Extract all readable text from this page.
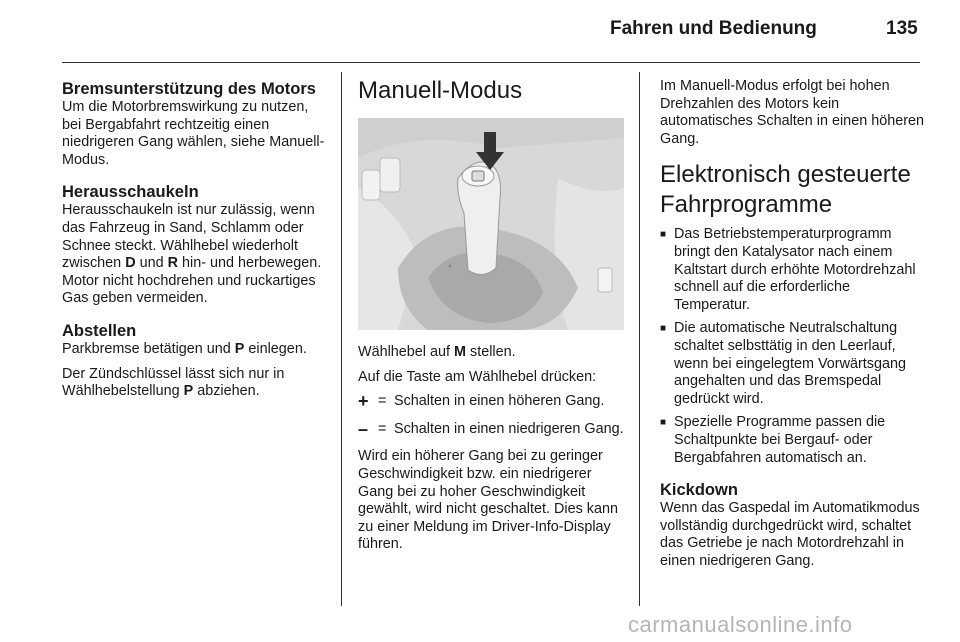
Fahren und Bedienung	135
Bremsunterstützung des Motors
Um die Motorbremswirkung zu nutzen, bei Bergabfahrt rechtzeitig einen niedrigeren Gang wählen, siehe Manuell-Modus.
Herausschaukeln
Herausschaukeln ist nur zulässig, wenn das Fahrzeug in Sand, Schlamm oder Schnee steckt. Wählhebel wiederholt zwischen D und R hin- und herbewegen. Motor nicht hochdrehen und ruckartiges Gas geben vermeiden.
Abstellen
Parkbremse betätigen und P einlegen.
Der Zündschlüssel lässt sich nur in Wählhebelstellung P abziehen.
Manuell-Modus
Wählhebel auf M stellen.
Auf die Taste am Wählhebel drücken:
+ = Schalten in einen höheren Gang.
– = Schalten in einen niedrigeren Gang.
Wird ein höherer Gang bei zu geringer Geschwindigkeit bzw. ein niedrigerer Gang bei zu hoher Geschwindigkeit gewählt, wird nicht geschaltet. Dies kann zu einer Meldung im Driver-Info-Display führen.
Im Manuell-Modus erfolgt bei hohen Drehzahlen des Motors kein automatisches Schalten in einen höheren Gang.
Elektronisch gesteuerte Fahrprogramme
■ Das Betriebstemperaturprogramm bringt den Katalysator nach einem Kaltstart durch erhöhte Motordrehzahl schnell auf die erforderliche Temperatur.
■ Die automatische Neutralschaltung schaltet selbsttätig in den Leerlauf, wenn bei eingelegtem Vorwärtsgang angehalten und das Bremspedal gedrückt wird.
■ Spezielle Programme passen die Schaltpunkte bei Bergauf- oder Bergabfahren automatisch an.
Kickdown
Wenn das Gaspedal im Automatikmodus vollständig durchgedrückt wird, schaltet das Getriebe je nach Motordrehzahl in einen niedrigeren Gang.
carmanualsonline.info
